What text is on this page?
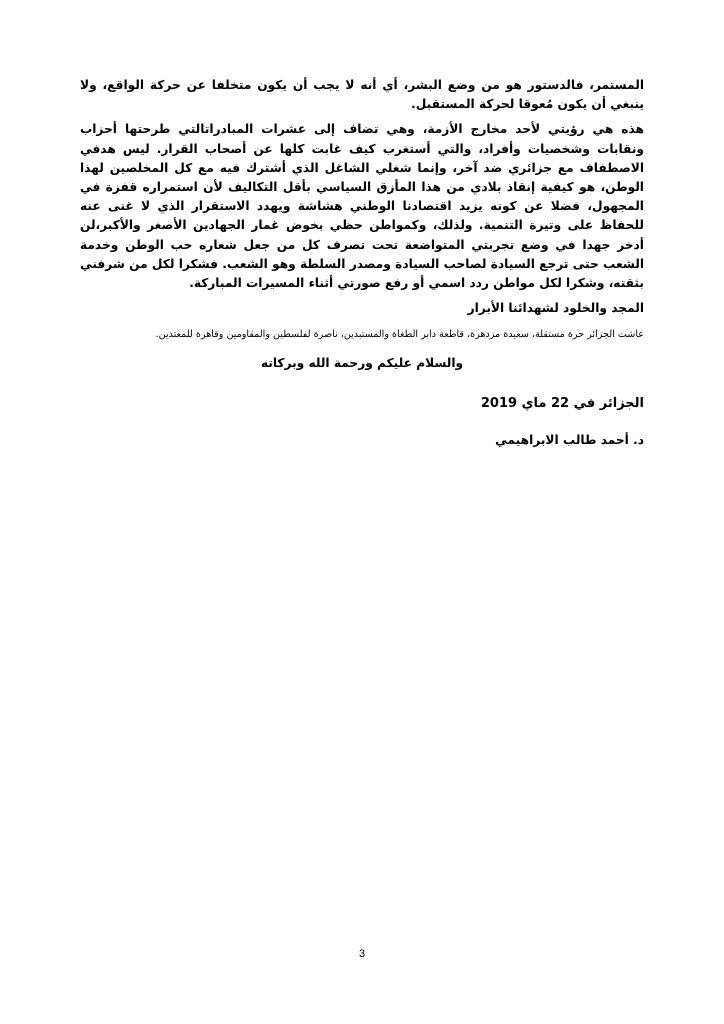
المستمر، فالدستور هو من وضع البشر، أي أنه لا يجب أن يكون متخلفا عن حركة الواقع، ولا ينبغي أن يكون مُعوقا لحركة المستقبل.

هذه هي رؤيتي لأحد مخارج الأزمة، وهي تضاف إلى عشرات المبادراتالتي طرحتها أحزاب ونقابات وشخصيات وأفراد، والتي أستغرب كيف غابت كلها عن أصحاب القرار. ليس هدفي الاصطفاف مع جزائري ضد آخر، وإنما شغلي الشاغل الذي أشترك فيه مع كل المخلصين لهذا الوطن، هو كيفية إنقاذ بلادي من هذا المأزق السياسي بأقل التكاليف لأن استمراره قفزة في المجهول، فضلا عن كونه يزيد اقتصادنا الوطني هشاشة ويهدد الاستقرار الذي لا غنى عنه للحفاظ على وتيرة التنمية. ولذلك، وكمواطن حظي بخوض غمار الجهادين الأصغر والأكبر،لن أدخر جهدا في وضع تجربتي المتواضعة تحت تصرف كل من جعل شعاره حب الوطن وخدمة الشعب حتى ترجع السيادة لصاحب السيادة ومصدر السلطة وهو الشعب. فشكرا لكل من شرفني بثقته، وشكرا لكل مواطن ردد اسمي أو رفع صورتي أثناء المسيرات المباركة.

المجد والخلود لشهدائنا الأبرار

عاشت الجزائر حرة مستقلة، سعيدة مزدهرة، قاطعة دابر الطغاة والمستبدين، ناصرة لفلسطين والمقاومين وقاهرة للمعتدين.

والسلام عليكم ورحمة الله وبركاته

الجزائر في 22 ماي 2019

د. أحمد طالب الابراهيمي

3
